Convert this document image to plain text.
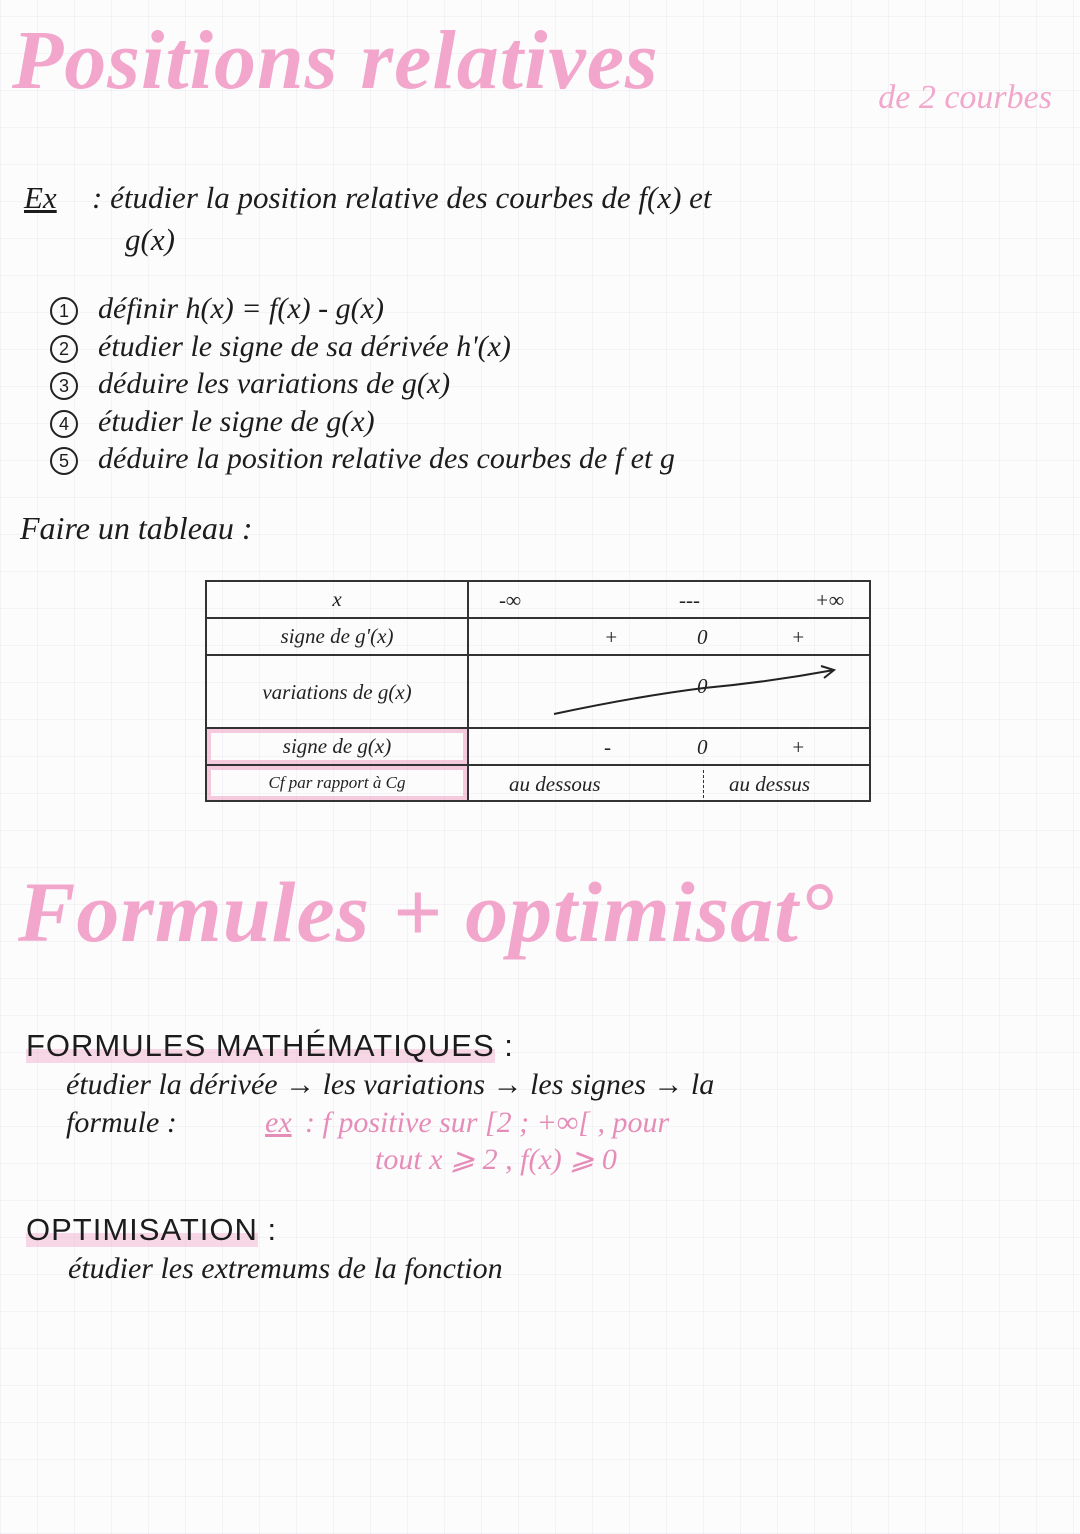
Positions relatives	de 2 courbes
Ex : étudier la position relative des courbes de f(x) et
g(x)
1 définir h(x) = f(x) - g(x)
2 étudier le signe de sa dérivée h'(x)
3 déduire les variations de g(x)
4 étudier le signe de g(x)
5 déduire la position relative des courbes de f et g
Faire un tableau :
x	-∞ --- +∞

signe de g'(x)	+ 0 +

variations de g(x)	0

signe de g(x)	- 0 +

Cf par rapport à Cg	au dessous au dessus
Formules + optimisat°
FORMULES MATHÉMATIQUES :
étudier la dérivée → les variations → les signes → la
formule :	ex : f positive sur [2 ; +∞[ , pour
tout x ⩾ 2 , f(x) ⩾ 0
OPTIMISATION :
étudier les extremums de la fonction
